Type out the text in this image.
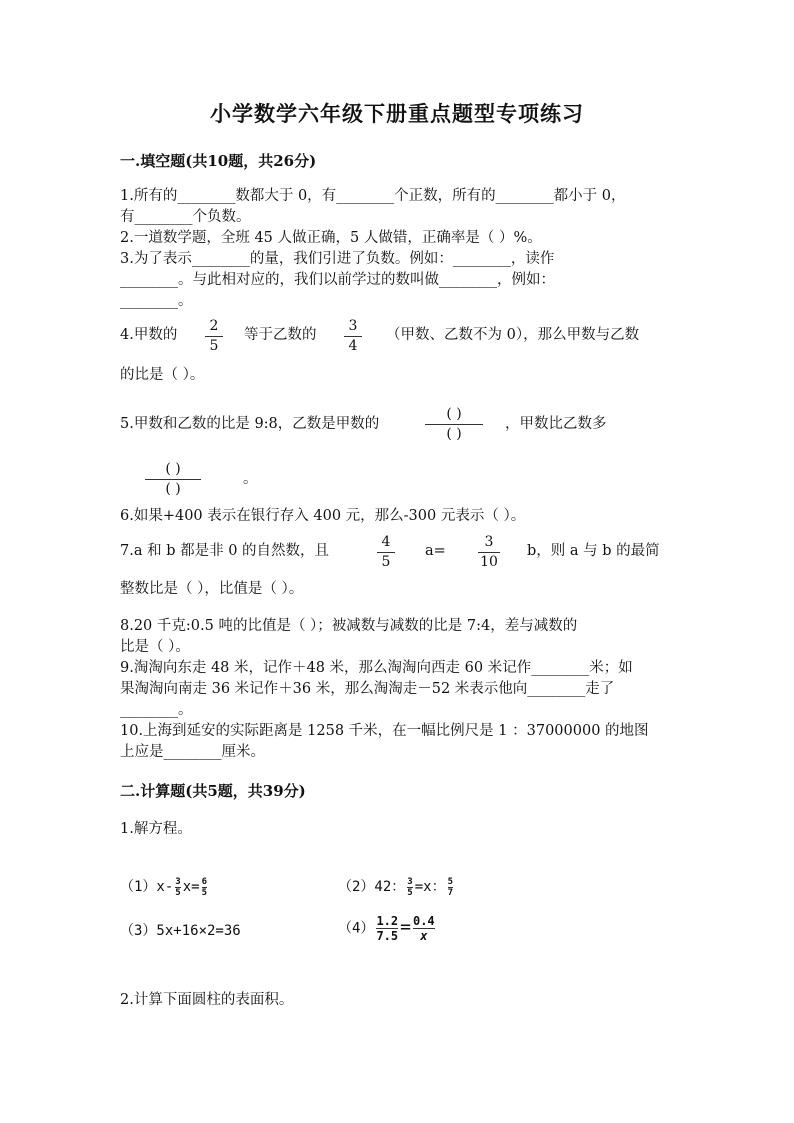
小学数学六年级下册重点题型专项练习
一.填空题(共10题，共26分)
1.所有的________数都大于 0，有________个正数，所有的________都小于 0，
有________个负数。
2.一道数学题，全班 45 人做正确，5 人做错，正确率是（ ）%。
3.为了表示________的量，我们引进了负数。例如：________，读作
________。与此相对应的，我们以前学过的数叫做________，例如：
________。
4.甲数的
2
5
等于乙数的
3
4
（甲数、乙数不为 0），那么甲数与乙数
的比是（ ）。
5.甲数和乙数的比是 9:8，乙数是甲数的
( )
( )
，甲数比乙数多
( )
( )
。
6.如果+400 表示在银行存入 400 元，那么-300 元表示（ ）。
7.a 和 b 都是非 0 的自然数，且
4
5
a=
3
10
b，则 a 与 b 的最简
整数比是（ ），比值是（ ）。
8.20 千克:0.5 吨的比值是（ ）；被减数与减数的比是 7:4，差与减数的
比是（ ）。
9.淘淘向东走 48 米，记作＋48 米，那么淘淘向西走 60 米记作________米；如
果淘淘向南走 36 米记作＋36 米，那么淘淘走－52 米表示他向________走了
________。
10.上海到延安的实际距离是 1258 千米，在一幅比例尺是 1 ：37000000 的地图
上应是________厘米。
二.计算题(共5题，共39分)
1.解方程。
$(1)x- \frac{3}{5} x= \frac{6}{5}$	（2）42： $\frac{3}{5} =x$： $\frac{5}{7}$
（3）5x+16×2=36	$(4) \frac{1.2}{7.5} = \frac{0.4}{x}$
2.计算下面圆柱的表面积。
